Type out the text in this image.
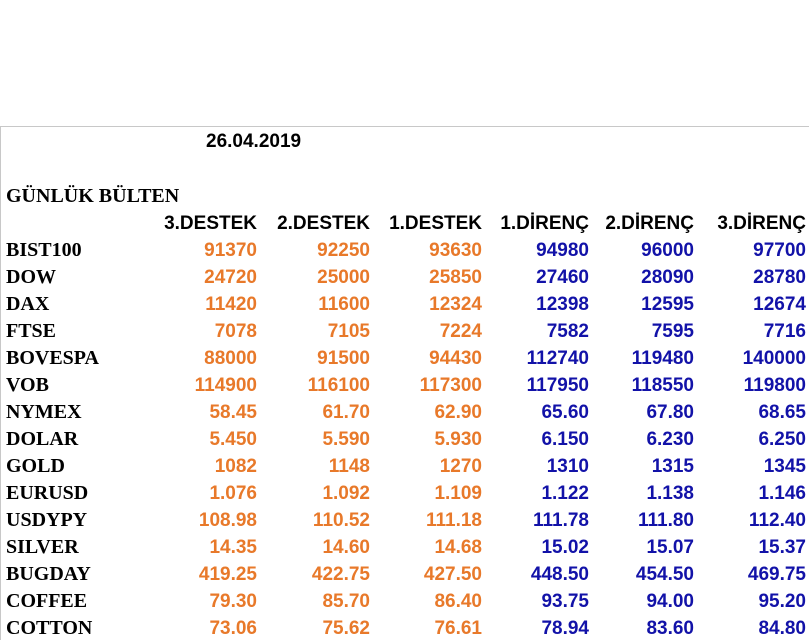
26.04.2019
GÜNLÜK BÜLTEN
3.DESTEK 2.DESTEK 1.DESTEK 1.DİRENÇ 2.DİRENÇ 3.DİRENÇ
BIST100	91370	92250	93630	94980	96000	97700
DOW	24720	25000	25850	27460	28090	28780
DAX	11420	11600	12324	12398	12595	12674
FTSE	7078	7105	7224	7582	7595	7716
BOVESPA	88000	91500	94430 112740 119480	140000
VOB	114900	116100	117300 117950 118550	119800
NYMEX	58.45	61.70	62.90	65.60	67.80	68.65
DOLAR	5.450	5.590	5.930	6.150	6.230	6.250
GOLD	1082	1148	1270	1310	1315	1345
EURUSD	1.076	1.092	1.109	1.122	1.138	1.146
USDYPY	108.98	110.52	111.18	111.78	111.80	112.40
SILVER	14.35	14.60	14.68	15.02	15.07	15.37
BUGDAY	419.25	422.75	427.50	448.50 454.50	469.75
COFFEE	79.30	85.70	86.40	93.75	94.00	95.20
COTTON	73.06	75.62	76.61	78.94	83.60	84.80
